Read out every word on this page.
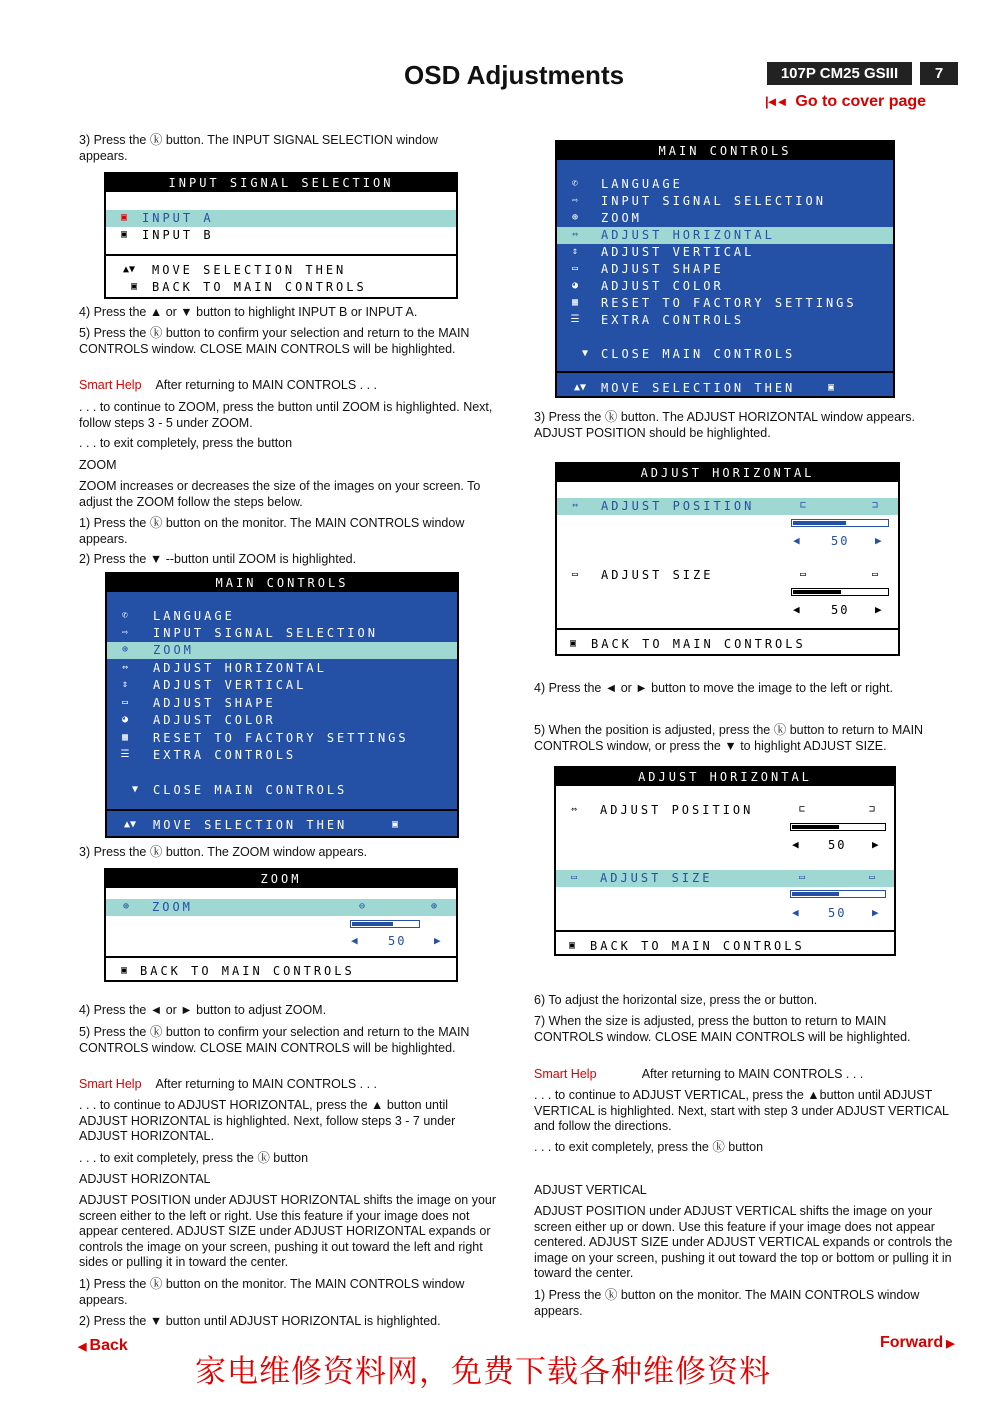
OSD Adjustments	107P CM25 GSIII	7
|◄◄ Go to cover page
3) Press the ⓚ button. The INPUT SIGNAL SELECTION window appears.
INPUT SIGNAL SELECTION
▣	INPUT A
▣	INPUT B
▲▼	MOVE SELECTION THEN
▣	BACK TO MAIN CONTROLS
4) Press the ▲ or ▼ button to highlight INPUT B or INPUT A.
5) Press the ⓚ button to confirm your selection and return to the MAIN CONTROLS window. CLOSE MAIN CONTROLS will be highlighted.
Smart Help After returning to MAIN CONTROLS . . .
. . . to continue to ZOOM, press the button until ZOOM is highlighted. Next, follow steps 3 - 5 under ZOOM.
. . . to exit completely, press the button
ZOOM
ZOOM increases or decreases the size of the images on your screen. To adjust the ZOOM follow the steps below.
1) Press the ⓚ button on the monitor. The MAIN CONTROLS window appears.
2) Press the ▼ --button until ZOOM is highlighted.
MAIN CONTROLS
✆	LANGUAGE
⇨	INPUT SIGNAL SELECTION
⊕	ZOOM
⇔	ADJUST HORIZONTAL
⇕	ADJUST VERTICAL
▭	ADJUST SHAPE
◕	ADJUST COLOR
▦	RESET TO FACTORY SETTINGS
☰ EXTRA CONTROLS
▼	CLOSE MAIN CONTROLS
▲▼	MOVE SELECTION THEN	▣
3) Press the ⓚ button. The ZOOM window appears.
ZOOM
⊕	ZOOM	⊖	⊕
◀	50	▶
▣	BACK TO MAIN CONTROLS
4) Press the ◄ or ► button to adjust ZOOM.
5) Press the ⓚ button to confirm your selection and return to the MAIN CONTROLS window. CLOSE MAIN CONTROLS will be highlighted.
Smart Help After returning to MAIN CONTROLS . . .
. . . to continue to ADJUST HORIZONTAL, press the ▲ button until ADJUST HORIZONTAL is highlighted. Next, follow steps 3 - 7 under ADJUST HORIZONTAL.
. . . to exit completely, press the ⓚ button
ADJUST HORIZONTAL
ADJUST POSITION under ADJUST HORIZONTAL shifts the image on your screen either to the left or right. Use this feature if your image does not appear centered. ADJUST SIZE under ADJUST HORIZONTAL expands or controls the image on your screen, pushing it out toward the left and right sides or pulling it in toward the center.
1) Press the ⓚ button on the monitor. The MAIN CONTROLS window appears.
2) Press the ▼ button until ADJUST HORIZONTAL is highlighted.
MAIN CONTROLS
✆	LANGUAGE
⇨	INPUT SIGNAL SELECTION
⊕	ZOOM
⇔	ADJUST HORIZONTAL
⇕	ADJUST VERTICAL
▭	ADJUST SHAPE
◕	ADJUST COLOR
▦	RESET TO FACTORY SETTINGS
☰ EXTRA CONTROLS
▼	CLOSE MAIN CONTROLS
▲▼	MOVE SELECTION THEN	▣
3) Press the ⓚ button. The ADJUST HORIZONTAL window appears. ADJUST POSITION should be highlighted.
ADJUST HORIZONTAL
⇔	ADJUST POSITION	⊏	⊐
◀	50 ▶
▭	ADJUST SIZE	▭	▭
◀	50 ▶
▣	BACK TO MAIN CONTROLS
4) Press the ◄ or ► button to move the image to the left or right.
5) When the position is adjusted, press the ⓚ button to return to MAIN CONTROLS window, or press the ▼ to highlight ADJUST SIZE.
ADJUST HORIZONTAL
⇔	ADJUST POSITION	⊏	⊐
◀ 50 ▶
▭	ADJUST SIZE	▭	▭
◀ 50 ▶
▣	BACK TO MAIN CONTROLS
6) To adjust the horizontal size, press the or button.
7) When the size is adjusted, press the button to return to MAIN CONTROLS window. CLOSE MAIN CONTROLS will be highlighted.
Smart Help	After returning to MAIN CONTROLS . . .
. . . to continue to ADJUST VERTICAL, press the ▲button until ADJUST VERTICAL is highlighted. Next, start with step 3 under ADJUST VERTICAL and follow the directions.
. . . to exit completely, press the ⓚ button
ADJUST VERTICAL
ADJUST POSITION under ADJUST VERTICAL shifts the image on your screen either up or down. Use this feature if your image does not appear centered. ADJUST SIZE under ADJUST VERTICAL expands or controls the image on your screen, pushing it out toward the top or bottom or pulling it in toward the center.
1) Press the ⓚ button on the monitor. The MAIN CONTROLS window appears.
◀ Back	Forward ▶
家电维修资料网，免费下载各种维修资料
